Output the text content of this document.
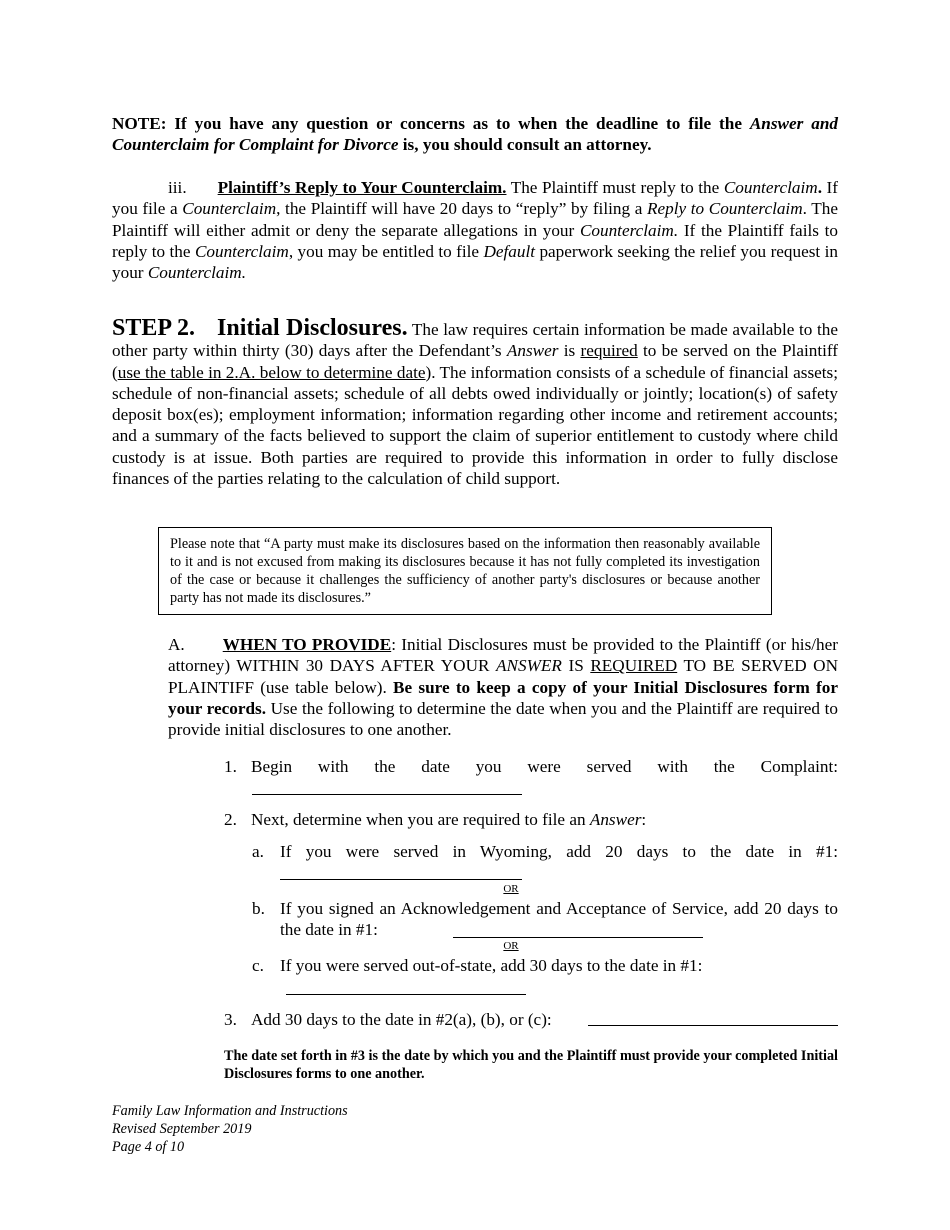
NOTE: If you have any question or concerns as to when the deadline to file the Answer and Counterclaim for Complaint for Divorce is, you should consult an attorney.
iii. Plaintiff’s Reply to Your Counterclaim. The Plaintiff must reply to the Counterclaim. If you file a Counterclaim, the Plaintiff will have 20 days to “reply” by filing a Reply to Counterclaim. The Plaintiff will either admit or deny the separate allegations in your Counterclaim. If the Plaintiff fails to reply to the Counterclaim, you may be entitled to file Default paperwork seeking the relief you request in your Counterclaim.
STEP 2. Initial Disclosures. The law requires certain information be made available to the other party within thirty (30) days after the Defendant’s Answer is required to be served on the Plaintiff (use the table in 2.A. below to determine date). The information consists of a schedule of financial assets; schedule of non-financial assets; schedule of all debts owed individually or jointly; location(s) of safety deposit box(es); employment information; information regarding other income and retirement accounts; and a summary of the facts believed to support the claim of superior entitlement to custody where child custody is at issue. Both parties are required to provide this information in order to fully disclose finances of the parties relating to the calculation of child support.
Please note that “A party must make its disclosures based on the information then reasonably available to it and is not excused from making its disclosures because it has not fully completed its investigation of the case or because it challenges the sufficiency of another party's disclosures or because another party has not made its disclosures.”
A. WHEN TO PROVIDE: Initial Disclosures must be provided to the Plaintiff (or his/her attorney) WITHIN 30 DAYS AFTER YOUR ANSWER IS REQUIRED TO BE SERVED ON PLAINTIFF (use table below). Be sure to keep a copy of your Initial Disclosures form for your records. Use the following to determine the date when you and the Plaintiff are required to provide initial disclosures to one another.
1. Begin with the date you were served with the Complaint:
2. Next, determine when you are required to file an Answer:
a. If you were served in Wyoming, add 20 days to the date in #1:
OR
b. If you signed an Acknowledgement and Acceptance of Service, add 20 days to the date in #1:
OR
c. If you were served out-of-state, add 30 days to the date in #1:
3. Add 30 days to the date in #2(a), (b), or (c):
The date set forth in #3 is the date by which you and the Plaintiff must provide your completed Initial Disclosures forms to one another.
Family Law Information and Instructions
Revised September 2019
Page 4 of 10
